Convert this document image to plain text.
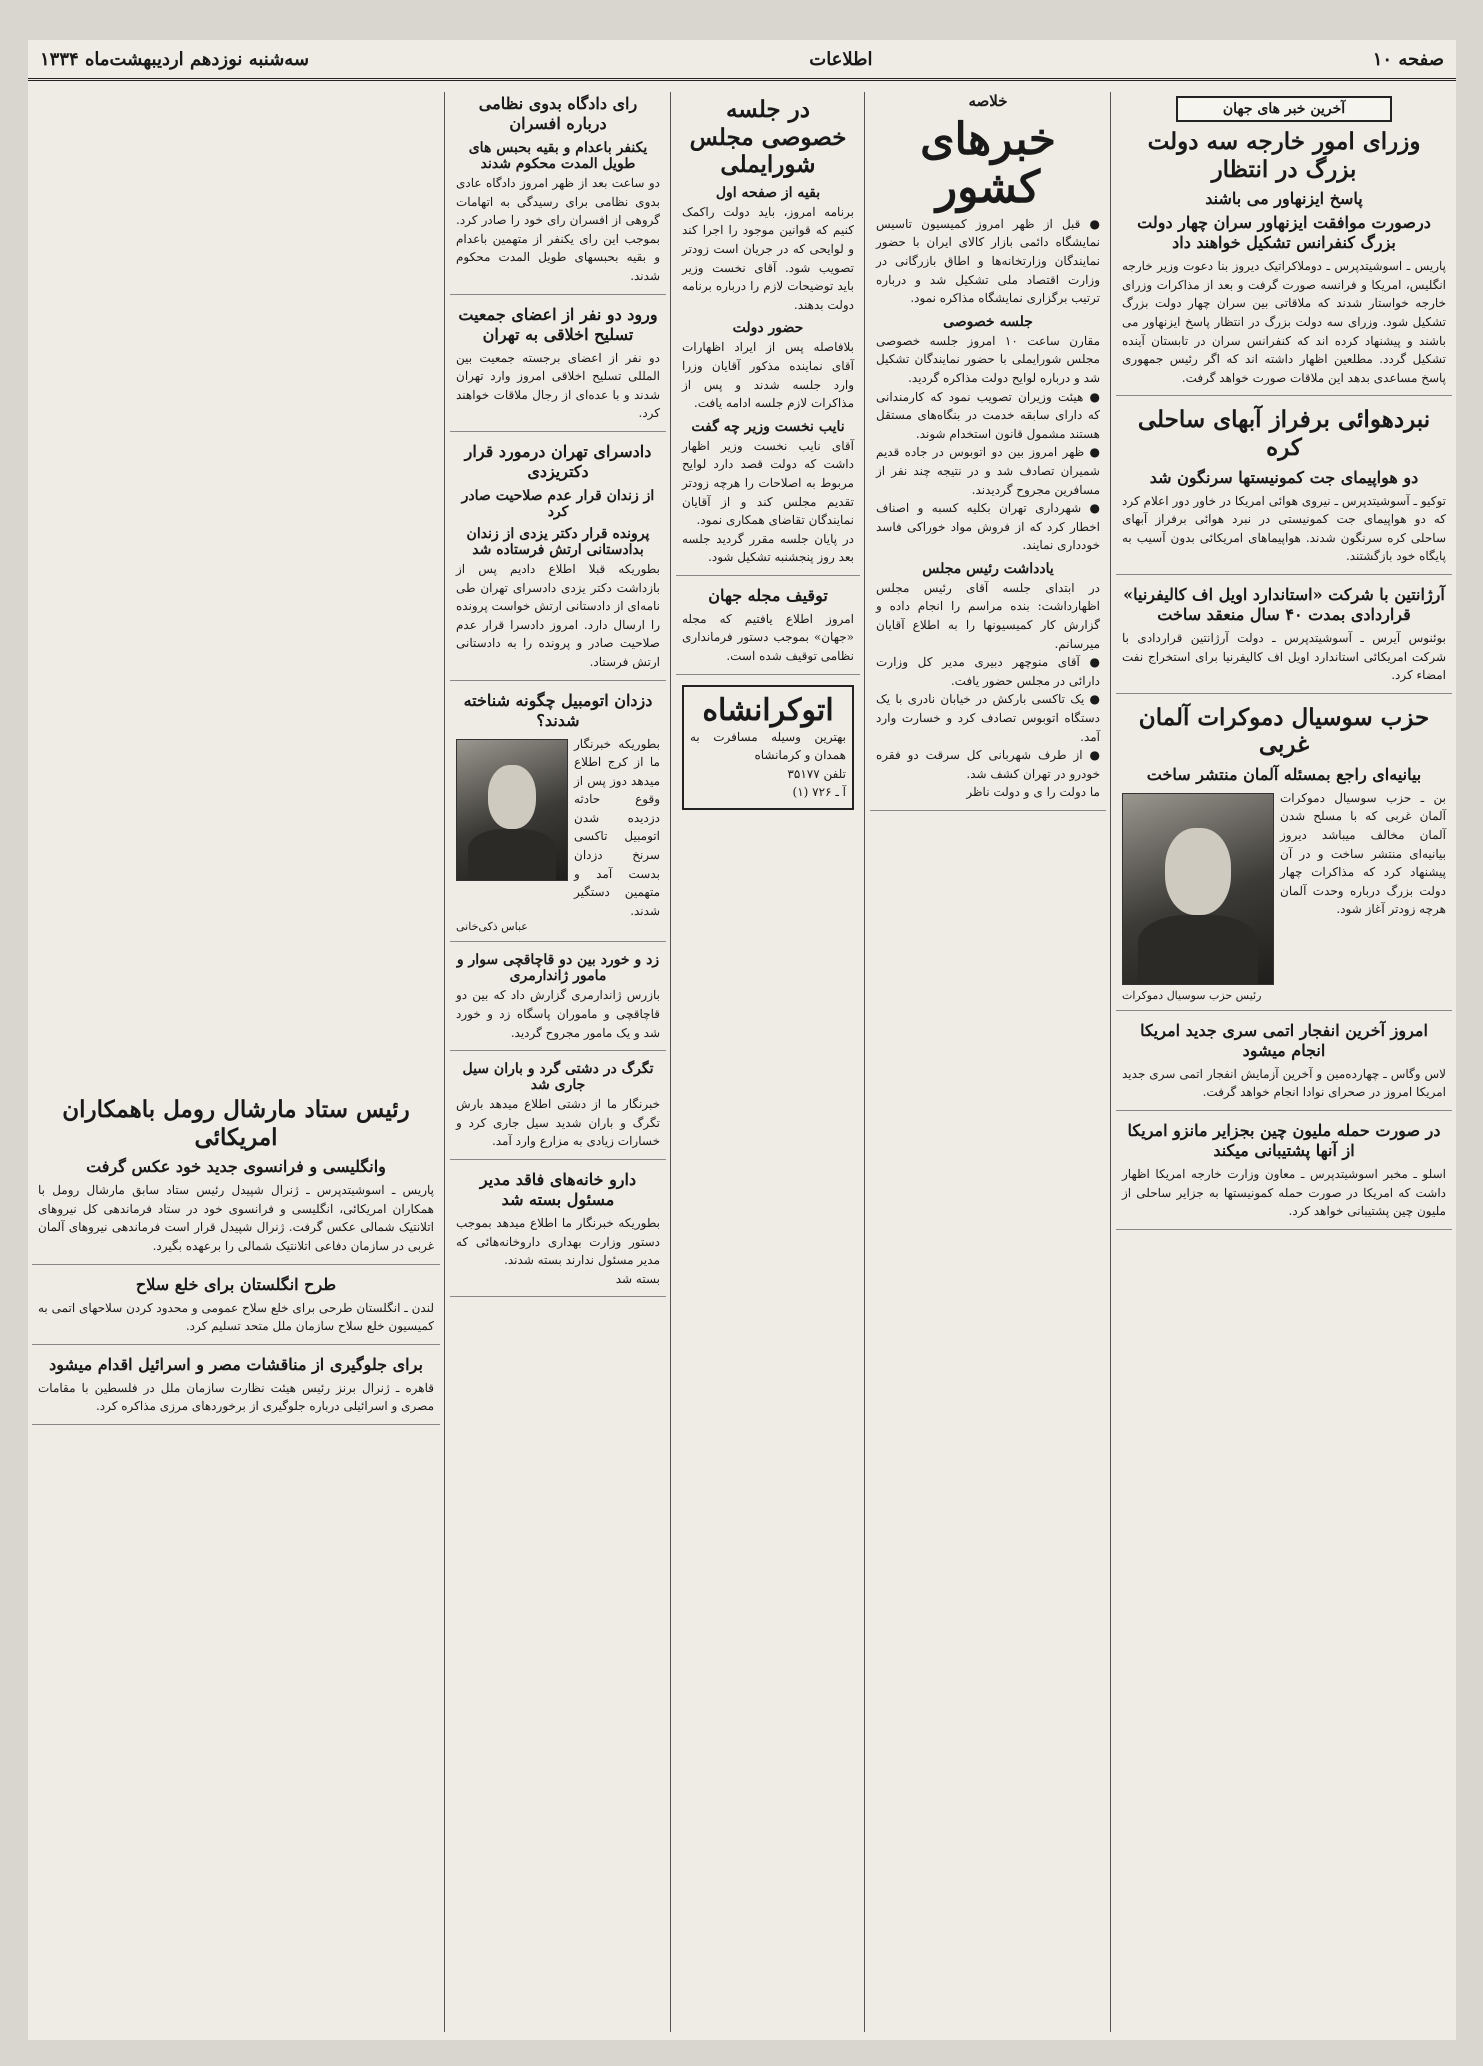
صفحه ۱۰
اطلاعات
سه‌شنبه نوزدهم اردیبهشت‌ماه ۱۳۳۴
آخرین خبر های جهان
وزرای امور خارجه سه دولت بزرگ در انتظار
پاسخ ایزنهاور می باشند
درصورت موافقت ایزنهاور سران چهار دولت بزرگ کنفرانس تشکیل خواهند داد

پاریس ـ اسوشیتدپرس ـ دوملاکراتیک دیروز بنا دعوت وزیر خارجه انگلیس، امریکا و فرانسه صورت گرفت و بعد از مذاکرات وزرای خارجه خواستار شدند که ملاقاتی بین سران چهار دولت بزرگ تشکیل شود. وزرای سه دولت بزرگ در انتظار پاسخ ایزنهاور می باشند و پیشنهاد کرده اند که کنفرانس سران در تابستان آینده تشکیل گردد. مطلعین اظهار داشته اند که اگر رئیس جمهوری پاسخ مساعدی بدهد این ملاقات صورت خواهد گرفت.

نبردهوائی برفراز آبهای ساحلی کره
دو هواپیمای جت کمونیستها سرنگون شد

توکیو ـ آسوشیتدپرس ـ نیروی هوائی امریکا در خاور دور اعلام کرد که دو هواپیمای جت کمونیستی در نبرد هوائی برفراز آبهای ساحلی کره سرنگون شدند. هواپیماهای امریکائی بدون آسیب به پایگاه خود بازگشتند.

آرژانتین با شرکت «استاندارد اویل اف کالیفرنیا» قراردادی بمدت ۴۰ سال منعقد ساخت

بوئنوس آیرس ـ آسوشیتدپرس ـ دولت آرژانتین قراردادی با شرکت امریکائی استاندارد اویل اف کالیفرنیا برای استخراج نفت امضاء کرد.

حزب سوسیال دموکرات آلمان غربی
بیانیه‌ای راجع بمسئله آلمان منتشر ساخت

بن ـ حزب سوسیال دموکرات آلمان غربی که با مسلح شدن آلمان مخالف میباشد دیروز بیانیه‌ای منتشر ساخت و در آن پیشنهاد کرد که مذاکرات چهار دولت بزرگ درباره وحدت آلمان هرچه زودتر آغاز شود.

رئیس حزب سوسیال دموکرات
امروز آخرین انفجار اتمی سری جدید امریکا انجام میشود

لاس وگاس ـ چهارده‌مین و آخرین آزمایش انفجار اتمی سری جدید امریکا امروز در صحرای نوادا انجام خواهد گرفت.

در صورت حمله ملیون چین بجزایر مانزو امریکا از آنها پشتیبانی میکند

اسلو ـ مخبر اسوشیتدپرس ـ معاون وزارت خارجه امریکا اظهار داشت که امریکا در صورت حمله کمونیستها به جزایر ساحلی از ملیون چین پشتیبانی خواهد کرد.

خلاصه
خبرهای کشور

● قبل از ظهر امروز کمیسیون تاسیس نمایشگاه دائمی بازار کالای ایران با حضور نمایندگان وزارتخانه‌ها و اطاق بازرگانی در وزارت اقتصاد ملی تشکیل شد و درباره ترتیب برگزاری نمایشگاه مذاکره نمود.

جلسه خصوصی

مقارن ساعت ۱۰ امروز جلسه خصوصی مجلس شورایملی با حضور نمایندگان تشکیل شد و درباره لوایح دولت مذاکره گردید.

● هیئت وزیران تصویب نمود که کارمندانی که دارای سابقه خدمت در بنگاه‌های مستقل هستند مشمول قانون استخدام شوند.

● ظهر امروز بین دو اتوبوس در جاده قدیم شمیران تصادف شد و در نتیجه چند نفر از مسافرین مجروح گردیدند.

● شهرداری تهران بکلیه کسبه و اصناف اخطار کرد که از فروش مواد خوراکی فاسد خودداری نمایند.

یادداشت رئیس مجلس

در ابتدای جلسه آقای رئیس مجلس اظهارداشت: بنده مراسم را انجام داده و گزارش کار کمیسیونها را به اطلاع آقایان میرسانم.

● آقای منوچهر دبیری مدیر کل وزارت دارائی در مجلس حضور یافت.

● یک تاکسی بارکش در خیابان نادری با یک دستگاه اتوبوس تصادف کرد و خسارت وارد آمد.

● از طرف شهربانی کل سرقت دو فقره خودرو در تهران کشف شد.

ما دولت را ی و دولت ناظر

در جلسه خصوصی مجلس شورایملی
بقیه از صفحه اول

برنامه امروز، باید دولت راکمک کنیم که قوانین موجود را اجرا کند و لوایحی که در جریان است زودتر تصویب شود. آقای نخست وزیر باید توضیحات لازم را درباره برنامه دولت بدهند.

حضور دولت

بلافاصله پس از ایراد اظهارات آقای نماینده مذکور آقایان وزرا وارد جلسه شدند و پس از مذاکرات لازم جلسه ادامه یافت.

نایب نخست وزیر چه گفت

آقای نایب نخست وزیر اظهار داشت که دولت قصد دارد لوایح مربوط به اصلاحات را هرچه زودتر تقدیم مجلس کند و از آقایان نمایندگان تقاضای همکاری نمود.

در پایان جلسه مقرر گردید جلسه بعد روز پنجشنبه تشکیل شود.

توقیف مجله جهان

امروز اطلاع یافتیم که مجله «جهان» بموجب دستور فرمانداری نظامی توقیف شده است.

اتوکرانشاه

بهترین وسیله مسافرت به همدان و کرمانشاه

تلفن ۳۵۱۷۷

آ ـ ۷۲۶ (۱)

رای دادگاه بدوی نظامی درباره افسران
یکنفر باعدام و بقیه بحبس های طویل المدت محکوم شدند

دو ساعت بعد از ظهر امروز دادگاه عادی بدوی نظامی برای رسیدگی به اتهامات گروهی از افسران رای خود را صادر کرد. بموجب این رای یکنفر از متهمین باعدام و بقیه بحبسهای طویل المدت محکوم شدند.

ورود دو نفر از اعضای جمعیت تسلیح اخلاقی به تهران

دو نفر از اعضای برجسته جمعیت بین المللی تسلیح اخلاقی امروز وارد تهران شدند و با عده‌ای از رجال ملاقات خواهند کرد.

دادسرای تهران درمورد قرار دکتریزدی
از زندان قرار عدم صلاحیت صادر کرد
پرونده قرار دکتر یزدی از زندان بدادستانی ارتش فرستاده شد

بطوریکه قبلا اطلاع دادیم پس از بازداشت دکتر یزدی دادسرای تهران طی نامه‌ای از دادستانی ارتش خواست پرونده را ارسال دارد. امروز دادسرا قرار عدم صلاحیت صادر و پرونده را به دادستانی ارتش فرستاد.

دزدان اتومبیل چگونه شناخته شدند؟

بطوریکه خبرنگار ما از کرج اطلاع میدهد دوز پس از وقوع حادثه دزدیده شدن اتومبیل تاکسی سرنخ دزدان بدست آمد و متهمین دستگیر شدند.

عباس ذکی‌خانی
زد و خورد بین دو قاچاقچی سوار و مامور ژاندارمری

بازرس ژاندارمری گزارش داد که بین دو قاچاقچی و ماموران پاسگاه زد و خورد شد و یک مامور مجروح گردید.

تگرگ در دشتی گرد و باران سیل جاری شد

خبرنگار ما از دشتی اطلاع میدهد بارش تگرگ و باران شدید سیل جاری کرد و خسارات زیادی به مزارع وارد آمد.

دارو خانه‌های فاقد مدیر مسئول بسته شد

بطوریکه خبرنگار ما اطلاع میدهد بموجب دستور وزارت بهداری داروخانه‌هائی که مدیر مسئول ندارند بسته شدند.

بسته شد

رئیس ستاد مارشال رومل باهمکاران امریکائی
وانگلیسی و فرانسوی جدید خود عکس گرفت

پاریس ـ اسوشیتدپرس ـ ژنرال شپیدل رئیس ستاد سابق مارشال رومل با همکاران امریکائی، انگلیسی و فرانسوی خود در ستاد فرماندهی کل نیروهای اتلانتیک شمالی عکس گرفت. ژنرال شپیدل قرار است فرماندهی نیروهای آلمان غربی در سازمان دفاعی اتلانتیک شمالی را برعهده بگیرد.

طرح انگلستان برای خلع سلاح

لندن ـ انگلستان طرحی برای خلع سلاح عمومی و محدود کردن سلاحهای اتمی به کمیسیون خلع سلاح سازمان ملل متحد تسلیم کرد.

برای جلوگیری از مناقشات مصر و اسرائیل اقدام میشود

قاهره ـ ژنرال برنز رئیس هیئت نظارت سازمان ملل در فلسطین با مقامات مصری و اسرائیلی درباره جلوگیری از برخوردهای مرزی مذاکره کرد.
